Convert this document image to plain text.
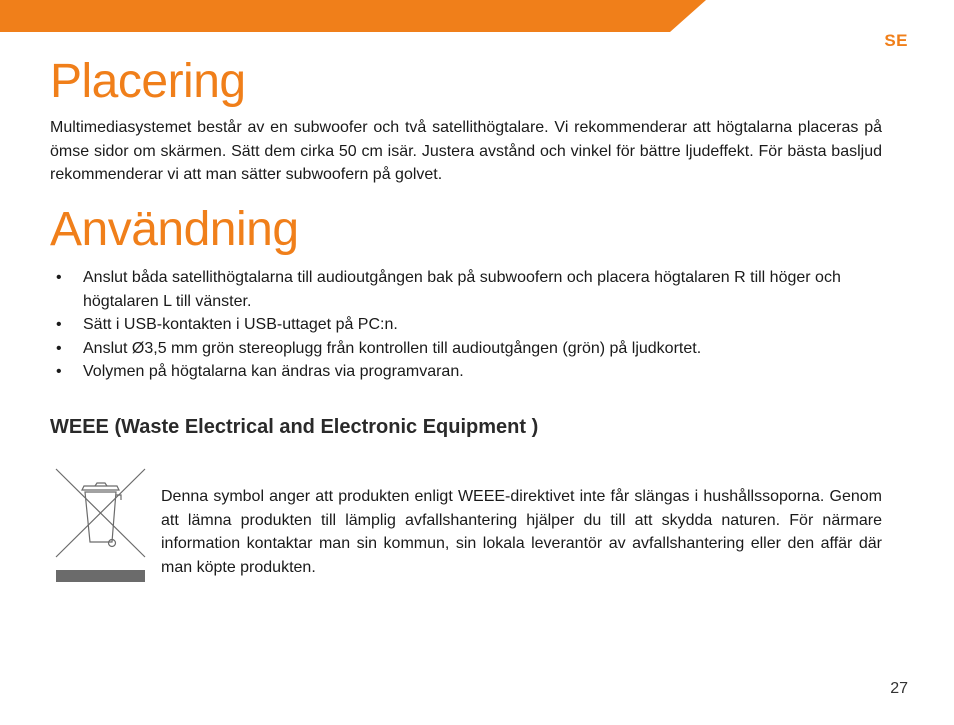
SE
Placering

Multimediasystemet består av en subwoofer och två satellithögtalare. Vi rekommenderar att högtalarna placeras på ömse sidor om skärmen. Sätt dem cirka 50 cm isär. Justera avstånd och vinkel för bättre ljudeffekt. För bästa basljud rekommenderar vi att man sätter subwoofern på golvet.

Användning
• Anslut båda satellithögtalarna till audioutgången bak på subwoofern och placera högtalaren R till höger och högtalaren L till vänster.
• Sätt i USB-kontakten i USB-uttaget på PC:n.
• Anslut Ø3,5 mm grön stereoplugg från kontrollen till audioutgången (grön) på ljudkortet.
• Volymen på högtalarna kan ändras via programvaran.
WEEE (Waste Electrical and Electronic Equipment )

Denna symbol anger att produkten enligt WEEE-direktivet inte får slängas i hushållssoporna. Genom att lämna produkten till lämplig avfallshantering hjälper du till att skydda naturen. För närmare information kontaktar man sin kommun, sin lokala leverantör av avfallshantering eller den affär där man köpte produkten.

27
